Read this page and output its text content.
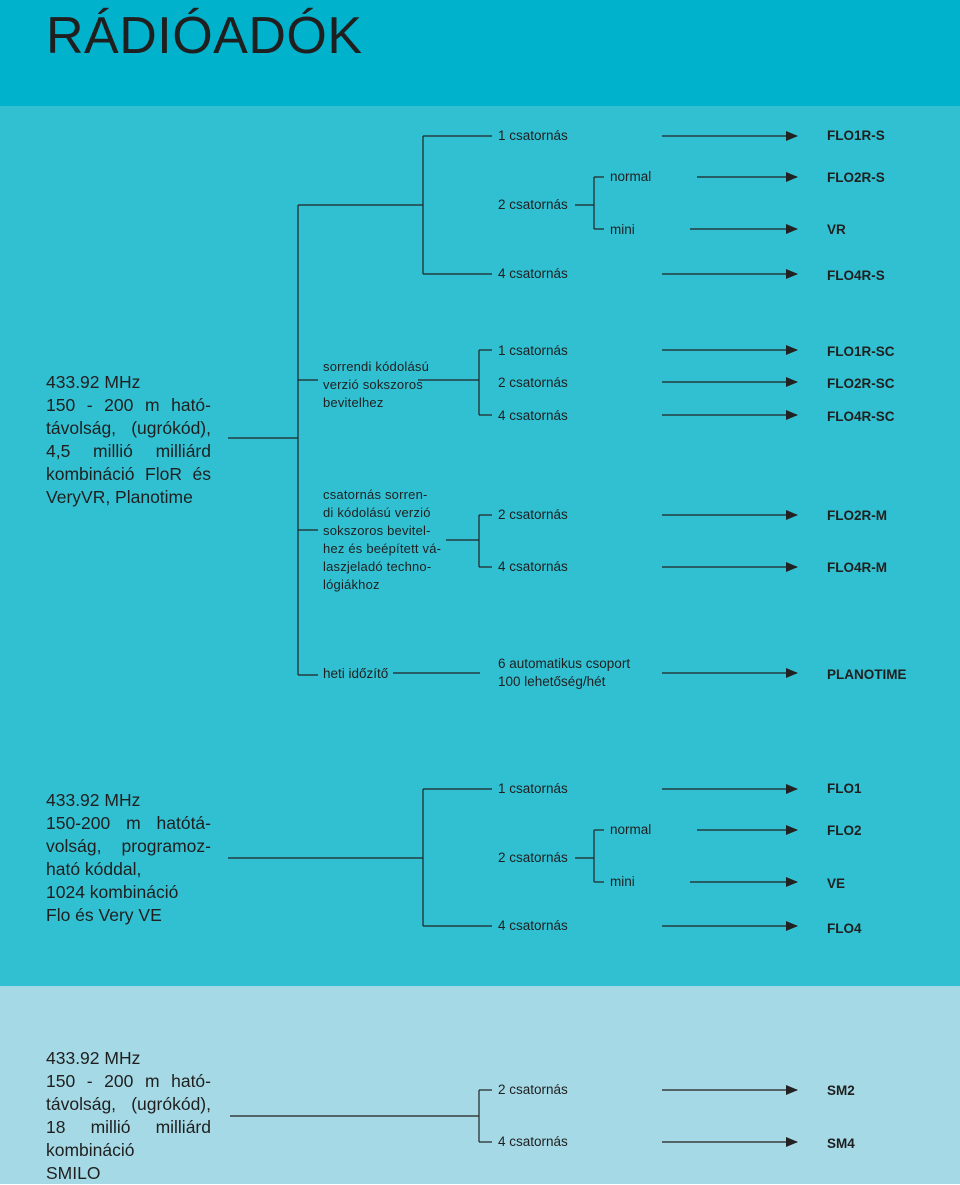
RÁDIÓADÓK
433.92 MHz
150 - 200 m ható-
távolság, (ugrókód),
4,5 millió milliárd
kombináció FloR és
VeryVR, Planotime
1 csatornás
2 csatornás
4 csatornás
normal
mini
FLO1R-S
FLO2R-S
VR
FLO4R-S
sorrendi kódolású
verzió sokszoros
bevitelhez
1 csatornás
2 csatornás
4 csatornás
FLO1R-SC
FLO2R-SC
FLO4R-SC
csatornás sorren-
di kódolású verzió
sokszoros bevitel-
hez és beépített vá-
laszjeladó techno-
lógiákhoz
2 csatornás
4 csatornás
FLO2R-M
FLO4R-M
heti időzítő
6 automatikus csoport
100 lehetőség/hét	PLANOTIME
433.92 MHz
150-200 m hatótá-
volság, programoz-
ható kóddal,
1024 kombináció
Flo és Very VE
1 csatornás
2 csatornás
4 csatornás
normal
mini
FLO1
FLO2
VE
FLO4
433.92 MHz
150 - 200 m ható-
távolság, (ugrókód),
18 millió milliárd
kombináció
SMILO
2 csatornás
4 csatornás
SM2
SM4
